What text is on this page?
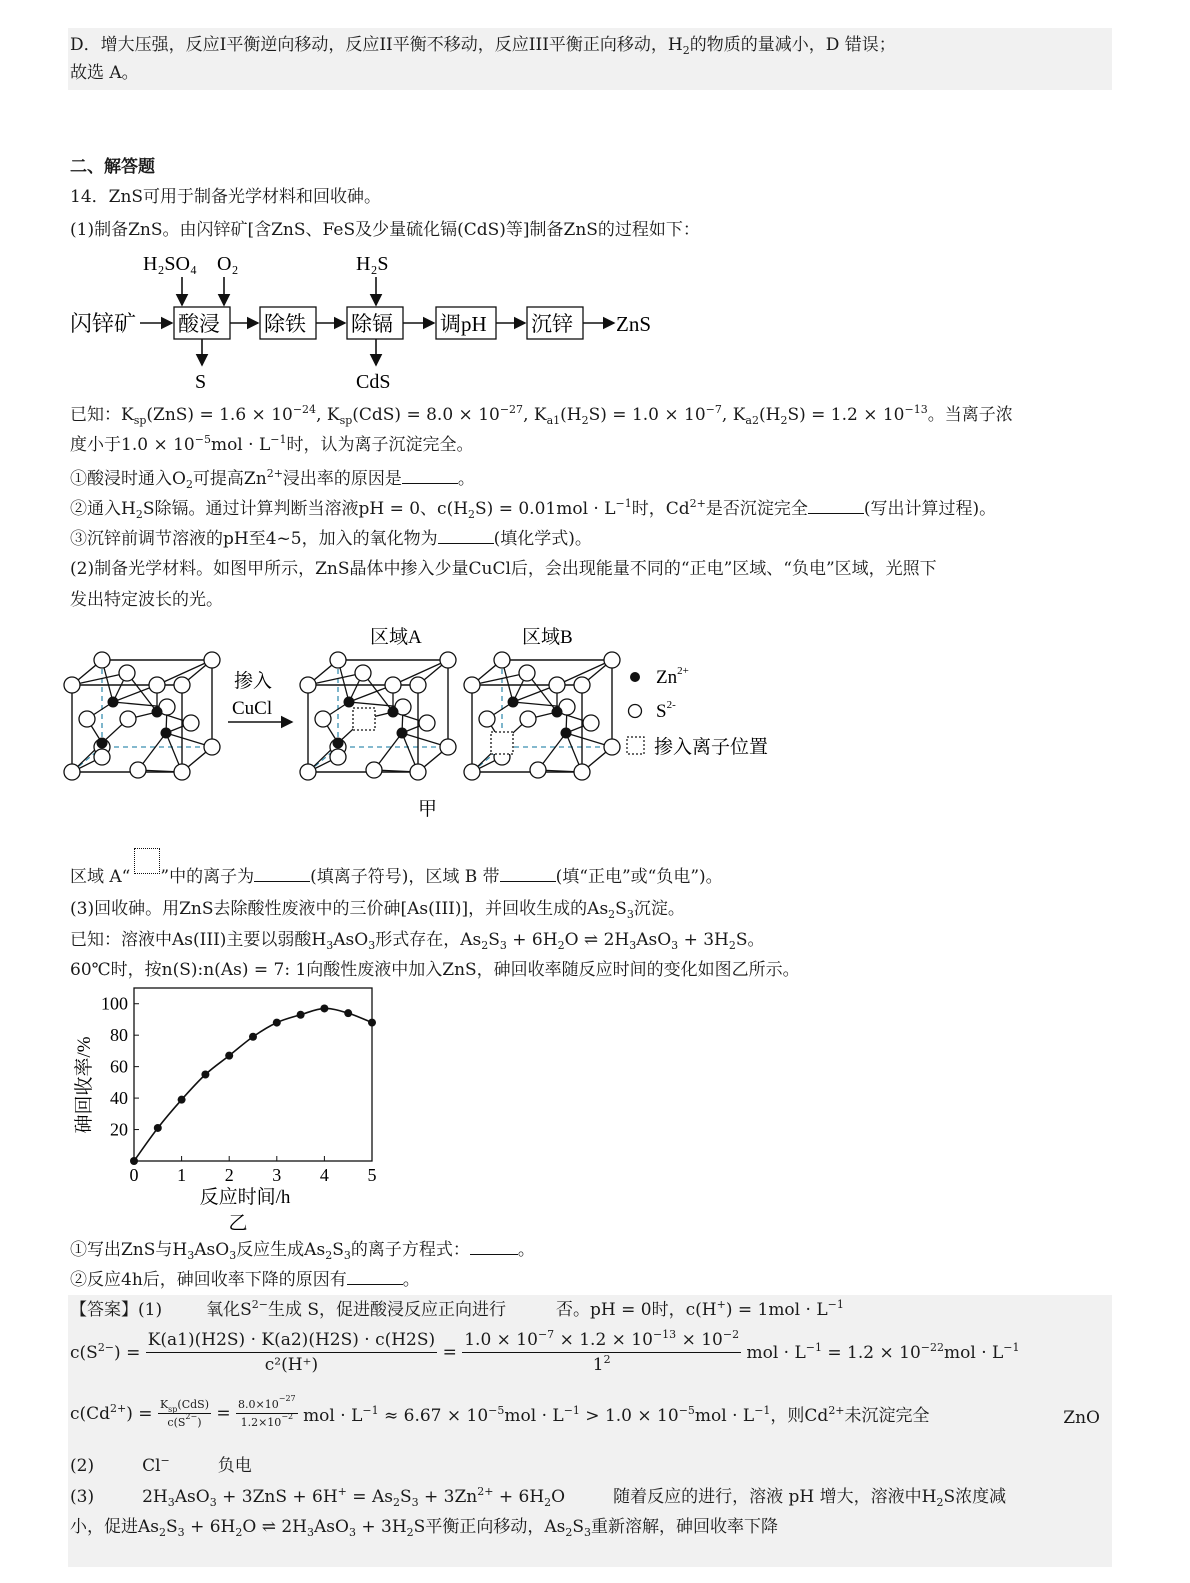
D．增大压强，反应I平衡逆向移动，反应II平衡不移动，反应III平衡正向移动，$H_2$的物质的量减小，D 错误；
故选 A。
二、解答题
14．ZnS可用于制备光学材料和回收砷。
(1)制备ZnS。由闪锌矿[含ZnS、FeS及少量硫化镉(CdS)等]制备ZnS的过程如下：
闪锌矿 酸浸 除铁 除镉 调pH 沉锌 ZnS
H₂SO₄ O₂
S
H₂S
CdS
已知：$K_{sp}(ZnS) = 1.6 \times 10^{-24}$, $K_{sp}(CdS) = 8.0 \times 10^{-27}$, $K_{a1}(H_2S) = 1.0 \times 10^{-7}$, $K_{a2}(H_2S) = 1.2 \times 10^{-13}$。当离子浓
度小于$1.0 \times 10^{-5}mol \cdot L^{-1}$时，认为离子沉淀完全。
①酸浸时通入$O_2$可提高$Zn^{2+}$浸出率的原因是	。
②通入$H_2S$除镉。通过计算判断当溶液pH = 0、$c(H_2S) = 0.01mol \cdot L^{-1}$时，$Cd^{2+}$是否沉淀完全	(写出计算过程)。
③沉锌前调节溶液的pH至4~5，加入的氧化物为	(填化学式)。
(2)制备光学材料。如图甲所示，ZnS晶体中掺入少量CuCl后，会出现能量不同的“正电”区域、“负电”区域，光照下
发出特定波长的光。
掺入
CuCl
区域A	区域B
$Zn^{2+}$
$S^{2-}$
掺入离子位置
甲
区域 A“ ”中的离子为	(填离子符号)，区域 B 带	(填“正电”或“负电”)。
(3)回收砷。用ZnS去除酸性废液中的三价砷[As(III)]，并回收生成的$As_2S_3$沉淀。
已知：溶液中As(III)主要以弱酸$H_3AsO_3$形式存在，$As_2S_3 + 6H_2O$ ⇌ $2H_3AsO_3 + 3H_2S$。
60℃时，按n(S):n(As) = 7: 1向酸性废液中加入ZnS，砷回收率随反应时间的变化如图乙所示。
0 1 2 3 4 5
20
40
60
80
100
砷回收率/%
反应时间/h
乙
①写出ZnS与$H_3AsO_3$反应生成$As_2S_3$的离子方程式：	。
②反应4h后，砷回收率下降的原因有	。
【答案】(1)	氧化$S^{2-}$生成 S，促进酸浸反应正向进行	否。pH = 0时，$c(H^+) = 1mol \cdot L^{-1}$
$c(S^{2-}) = \frac{K(a1)(H2S) \cdot K(a2)(H2S) \cdot c(H2S)}{\text{c²(H⁺)}} = \frac{1.0 \times 10^{-7} \times 1.2 \times 10^{-13} \times 10^{-2}}{1^2}$ mol · $L^{-1} = 1.2 \times 10^{-22}mol \cdot L^{-1}$
$c(Cd^{2+}) = \frac{K_{sp}(CdS)}{c(S^{2-})} = \frac{8.0\times 10^{-27}}{1.2\times 10^{-2}}$ mol · $L^{-1} \approx 6.67 \times 10^{-5}mol \cdot L^{-1} > 1.0 \times 10^{-5}mol \cdot L^{-1}$，则$Cd^{2+}$未沉淀完全	ZnO
(2)	Cl−	负电
(3)	$2H_3AsO_3 + 3ZnS + 6H^+ = As_2S_3 + 3Zn^{2+} + 6H_2O$	随着反应的进行，溶液 pH 增大，溶液中$H_2S$浓度减
小，促进$As_2S_3 + 6H_2O$ ⇌ $2H_3AsO_3 + 3H_2S$平衡正向移动，$As_2S_3$重新溶解，砷回收率下降
